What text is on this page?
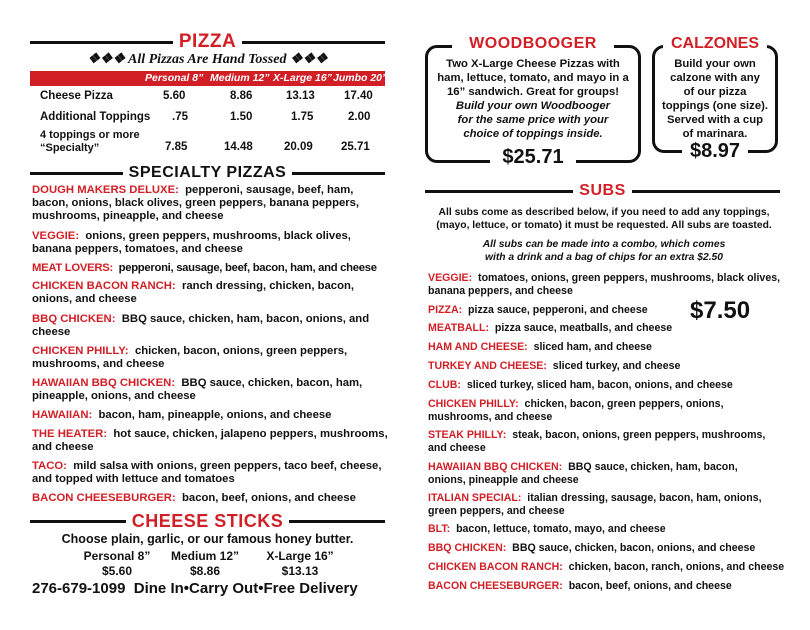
PIZZA
❖❖❖ All Pizzas Are Hand Tossed ❖❖❖
Personal 8” Medium 12” X-Large 16” Jumbo 20”
Cheese Pizza	5.60	8.86	13.13	17.40
Additional Toppings .75	1.50	1.75	2.00
4 toppings or more
“Specialty”	7.85	14.48	20.09 25.71
SPECIALTY PIZZAS
DOUGH MAKERS DELUXE: pepperoni, sausage, beef, ham, bacon, onions, black olives, green peppers, banana peppers, mushrooms, pineapple, and cheese
VEGGIE: onions, green peppers, mushrooms, black olives, banana peppers, tomatoes, and cheese
MEAT LOVERS: pepperoni, sausage, beef, bacon, ham, and cheese
CHICKEN BACON RANCH: ranch dressing, chicken, bacon, onions, and cheese
BBQ CHICKEN: BBQ sauce, chicken, ham, bacon, onions, and cheese
CHICKEN PHILLY: chicken, bacon, onions, green peppers, mushrooms, and cheese
HAWAIIAN BBQ CHICKEN: BBQ sauce, chicken, bacon, ham, pineapple, onions, and cheese
HAWAIIAN: bacon, ham, pineapple, onions, and cheese
THE HEATER: hot sauce, chicken, jalapeno peppers, mushrooms, and cheese
TACO: mild salsa with onions, green peppers, taco beef, cheese, and topped with lettuce and tomatoes
BACON CHEESEBURGER: bacon, beef, onions, and cheese
CHEESE STICKS
Choose plain, garlic, or our famous honey butter.
Personal 8”
$5.60
Medium 12”
$8.86
X-Large 16”
$13.13
276-679-1099 Dine In•Carry Out•Free Delivery
WOODBOOGER
Two X-Large Cheese Pizzas with
ham, lettuce, tomato, and mayo in a
16” sandwich. Great for groups!
Build your own Woodbooger
for the same price with your
choice of toppings inside.
$25.71
CALZONES
Build your own
calzone with any
of our pizza
toppings (one size).
Served with a cup
of marinara.
$8.97
SUBS
All subs come as described below, if you need to add any toppings,
(mayo, lettuce, or tomato) it must be requested. All subs are toasted.
All subs can be made into a combo, which comes
with a drink and a bag of chips for an extra $2.50
$7.50
VEGGIE: tomatoes, onions, green peppers, mushrooms, black olives, banana peppers, and cheese
PIZZA: pizza sauce, pepperoni, and cheese
MEATBALL: pizza sauce, meatballs, and cheese
HAM AND CHEESE: sliced ham, and cheese
TURKEY AND CHEESE: sliced turkey, and cheese
CLUB: sliced turkey, sliced ham, bacon, onions, and cheese
CHICKEN PHILLY: chicken, bacon, green peppers, onions, mushrooms, and cheese
STEAK PHILLY: steak, bacon, onions, green peppers, mushrooms, and cheese
HAWAIIAN BBQ CHICKEN: BBQ sauce, chicken, ham, bacon, onions, pineapple and cheese
ITALIAN SPECIAL: italian dressing, sausage, bacon, ham, onions, green peppers, and cheese
BLT: bacon, lettuce, tomato, mayo, and cheese
BBQ CHICKEN: BBQ sauce, chicken, bacon, onions, and cheese
CHICKEN BACON RANCH: chicken, bacon, ranch, onions, and cheese
BACON CHEESEBURGER: bacon, beef, onions, and cheese
